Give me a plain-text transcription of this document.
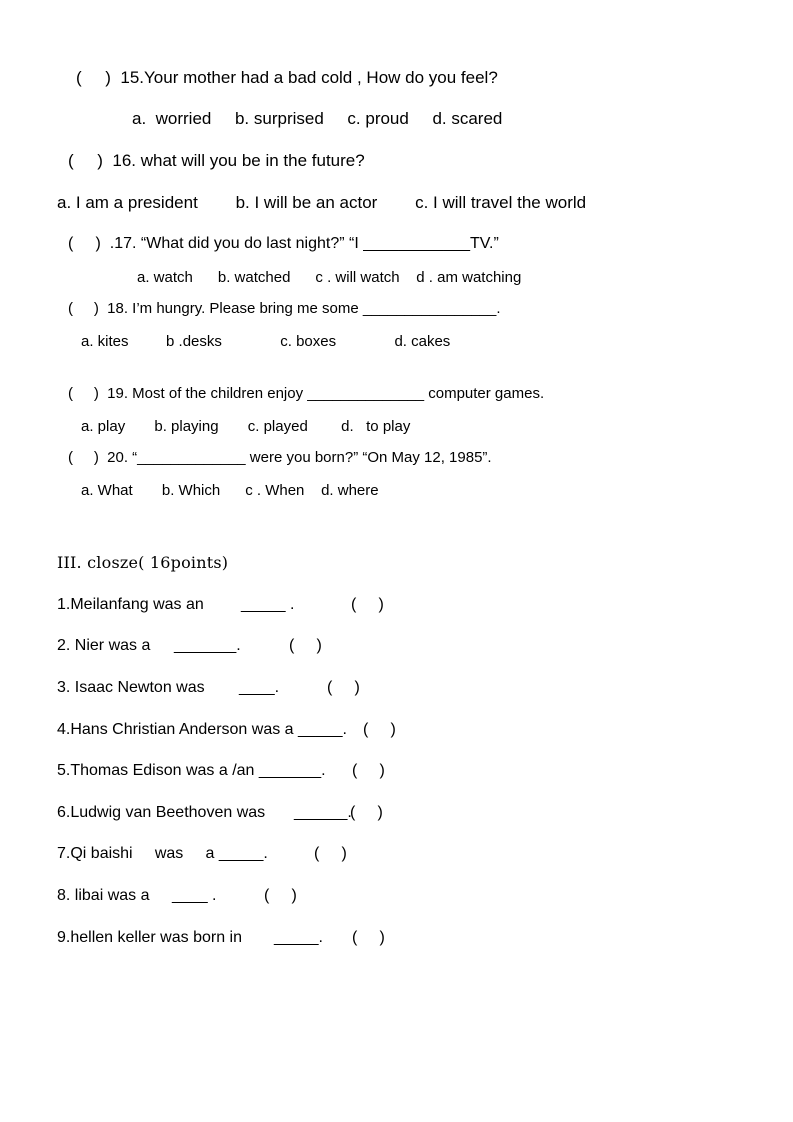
(     )  15.Your mother had a bad cold , How do you feel?
a.  worried     b. surprised     c. proud     d. scared
(     )  16. what will you be in the future?
a. I am a president        b. I will be an actor        c. I will travel the world
(     )  .17. “What did you do last night?” “I ____________TV.”
a. watch      b. watched      c . will watch    d . am watching
(     )  18. I’m hungry. Please bring me some ________________.
a. kites         b .desks              c. boxes              d. cakes
(     )  19. Most of the children enjoy ______________ computer games.
a. play       b. playing       c. played        d.   to play
(     )  20. “_____________ were you born?” “On May 12, 1985”.
a. What       b. Which      c . When    d. where
III. closze( 16points)
1.Meilanfang was an _____ .	(     )
2. Nier was a _______.	(     )
3. Isaac Newton was ____.	(     )
4.Hans Christian Anderson was a _____. (     )
5.Thomas Edison was a /an _______. (     )
6.Ludwig van Beethoven was ______.
(     )
7.Qi baishi     was     a _____.	(     )
8. libai was a ____ .	(     )
9.hellen keller was born in _____. (     )
